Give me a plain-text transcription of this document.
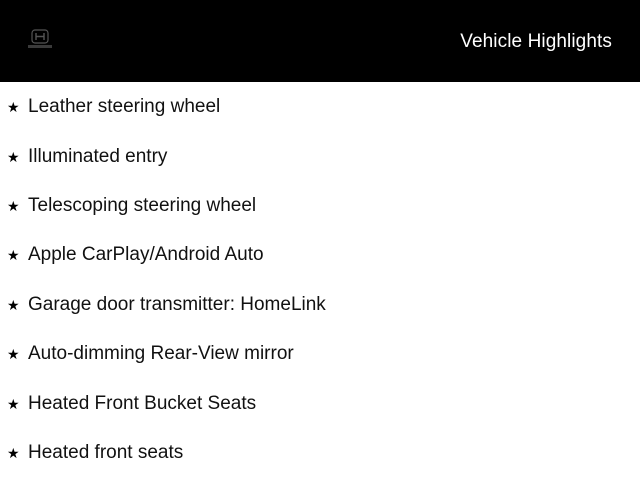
Vehicle Highlights
★ Leather steering wheel
★ Illuminated entry
★ Telescoping steering wheel
★ Apple CarPlay/Android Auto
★ Garage door transmitter: HomeLink
★ Auto-dimming Rear-View mirror
★ Heated Front Bucket Seats
★ Heated front seats
